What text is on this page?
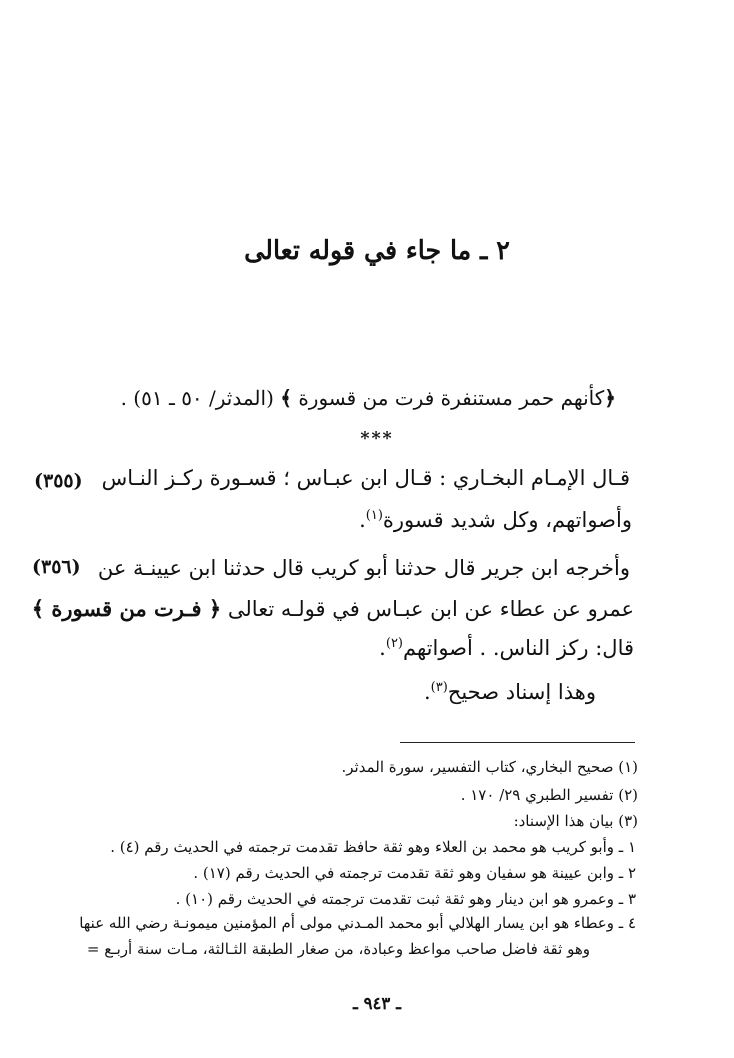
٢ ـ ما جاء في قوله تعالى
﴿كأنهم حمر مستنفرة فرت من قسورة ﴾ (المدثر/ ٥٠ ـ ٥١) .
***
(٣٥٥) قـال الإمـام البخـاري : قـال ابن عبـاس ؛ قسـورة ركـز النـاس
وأصواتهم، وكل شديد قسورة$^{(١)}$.
(٣٥٦) وأخرجه ابن جرير قال حدثنا أبو كريب قال حدثنا ابن عيينـة عن
عمرو عن عطاء عن ابن عبـاس في قولـه تعالى ﴿ فـرت من قسورة ﴾
قال: ركز الناس. . أصواتهم$^{(٢)}$.
وهذا إسناد صحيح$^{(٣)}$.
(١) صحيح البخاري، كتاب التفسير، سورة المدثر.
(٢) تفسير الطبري ٢٩/ ١٧٠ .
(٣) بيان هذا الإسناد:
١ ـ وأبو كريب هو محمد بن العلاء وهو ثقة حافظ تقدمت ترجمته في الحديث رقم (٤) .
٢ ـ وابن عيينة هو سفيان وهو ثقة تقدمت ترجمته في الحديث رقم (١٧) .
٣ ـ وعمرو هو ابن دينار وهو ثقة ثبت تقدمت ترجمته في الحديث رقم (١٠) .
٤ ـ وعطاء هو ابن يسار الهلالي أبو محمد المـدني مولى أم المؤمنين ميمونـة رضي الله عنها
وهو ثقة فاضل صاحب مواعظ وعبادة، من صغار الطبقة الثـالثة، مـات سنة أربـع =
ـ ٩٤٣ ـ
